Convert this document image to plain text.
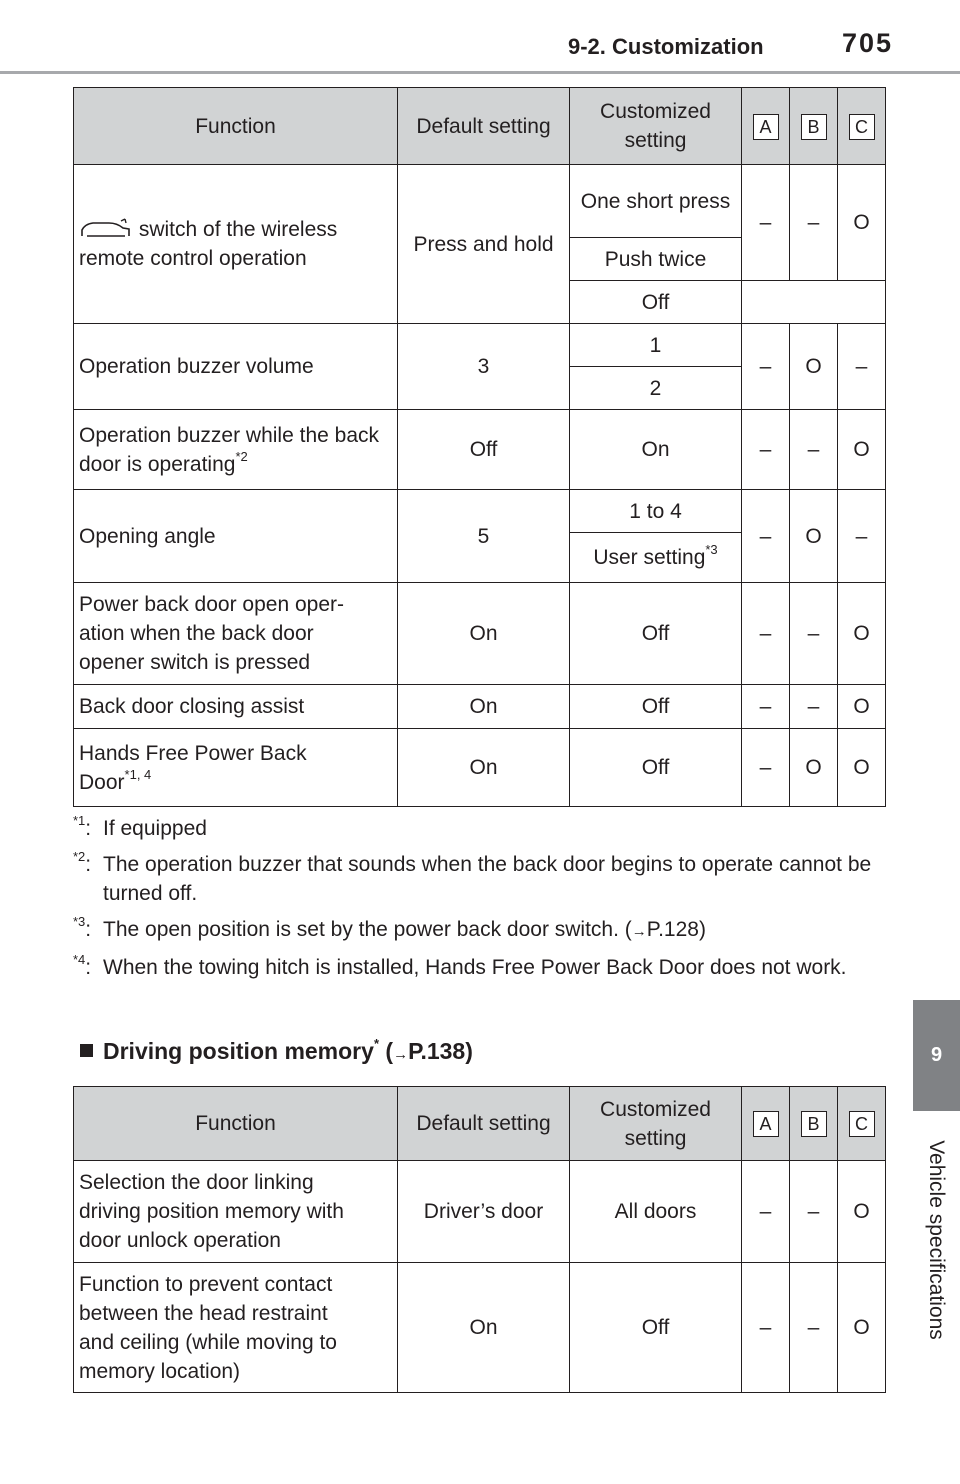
9-2. Customization	705
9
Vehicle specifications
Function	Default setting	Customized setting	A	B	C
switch of the wireless remote control operation	Press and hold	One short press	–	–	O
		Push twice			
		Off			
Operation buzzer volume	3	1	–	O	–
		2			
Operation buzzer while the back door is operating$^{*2}$	Off	On	–	–	O
Opening angle	5	1 to 4	–	O	–
		User setting$^{*3}$

Power back door open oper-
ation when the back door
opener switch is pressed	On	Off	–	–	O
Back door closing assist	On	Off	–	–	O

Hands Free Power Back
Door$^{*1, 4}$	On	Off	–	O	O
$^{*1}$: If equipped
$^{*2}$: The operation buzzer that sounds when the back door begins to operate cannot be turned off.
$^{*3}$: The open position is set by the power back door switch. (→P.128)
$^{*4}$: When the towing hitch is installed, Hands Free Power Back Door does not work.
Driving position memory* (→P.138)
Function	Default setting	Customized setting	A	B	C

Selection the door linking
driving position memory with
door unlock operation	Driver’s door	All doors	–	–	O

Function to prevent contact
between the head restraint
and ceiling (while moving to
memory location)	On	Off	–	–	O
